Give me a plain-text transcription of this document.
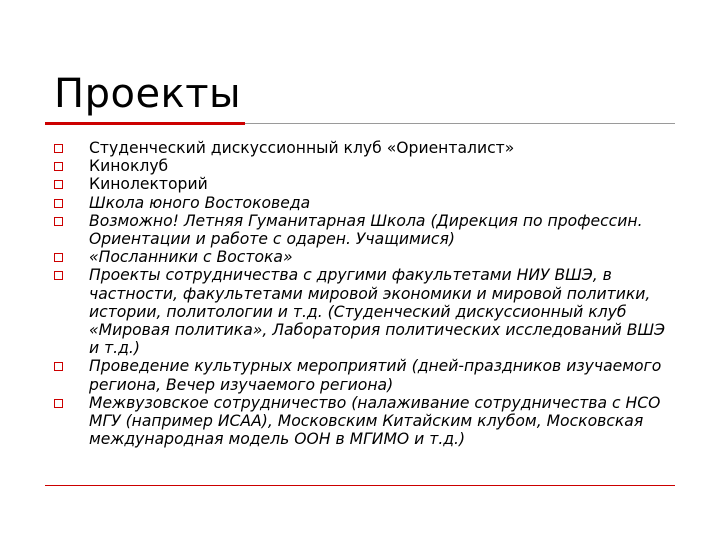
Проекты
Студенческий дискуссионный клуб «Ориенталист»
Киноклуб
Кинолекторий
Школа юного Востоковеда
Возможно! Летняя Гуманитарная Школа (Дирекция по профессин. Ориентации и работе с одарен. Учащимися)
«Посланники с Востока»
Проекты сотрудничества с другими факультетами НИУ ВШЭ, в частности, факультетами мировой экономики и мировой политики, истории, политологии и т.д. (Студенческий дискуссионный клуб «Мировая политика», Лаборатория политических исследований ВШЭ и т.д.)
Проведение культурных мероприятий (дней-праздников изучаемого региона, Вечер изучаемого региона)
Межвузовское сотрудничество (налаживание сотрудничества с НСО МГУ (например ИСАА), Московским Китайским клубом, Московская международная модель ООН в МГИМО и т.д.)
